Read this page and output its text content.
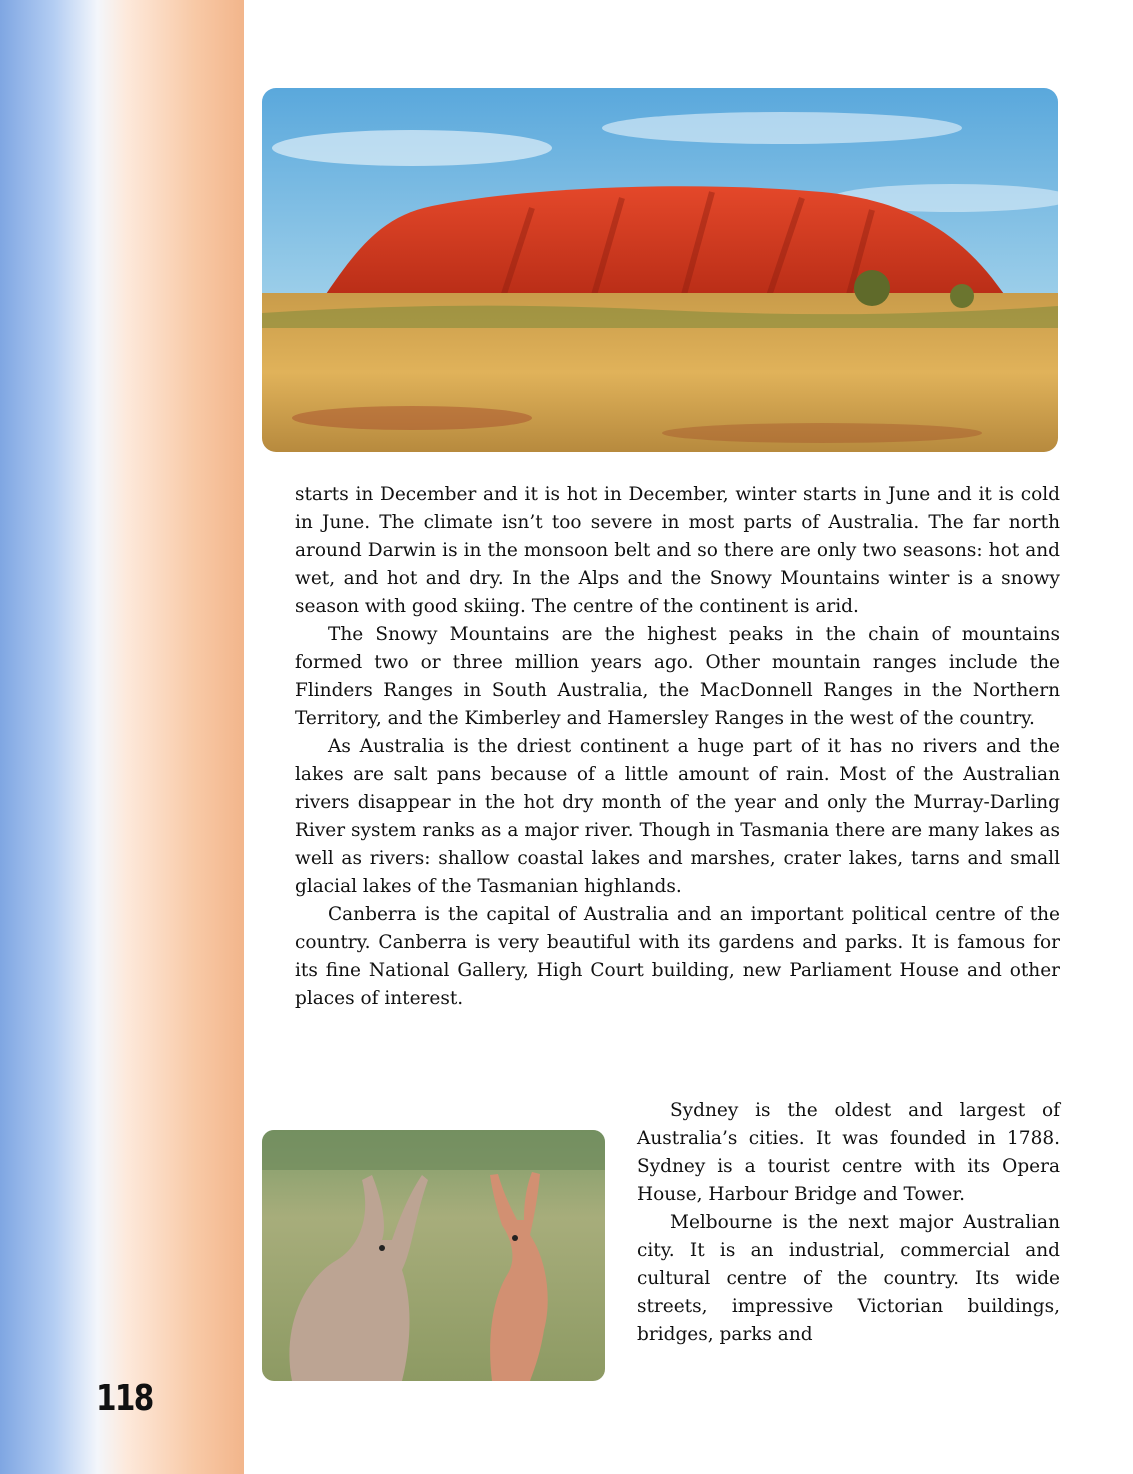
118

starts in December and it is hot in December, winter starts in June and it is cold in June. The climate isn’t too severe in most parts of Australia. The far north around Darwin is in the monsoon belt and so there are only two seasons: hot and wet, and hot and dry. In the Alps and the Snowy Mountains winter is a snowy season with good skiing. The centre of the continent is arid.

The Snowy Mountains are the highest peaks in the chain of mountains formed two or three million years ago. Other mountain ranges include the Flinders Ranges in South Australia, the MacDonnell Ranges in the Northern Territory, and the Kimberley and Hamersley Ranges in the west of the country.

As Australia is the driest continent a huge part of it has no rivers and the lakes are salt pans because of a little amount of rain. Most of the Australian rivers disappear in the hot dry month of the year and only the Murray-Darling River system ranks as a major river. Though in Tasmania there are many lakes as well as rivers: shallow coastal lakes and marshes, crater lakes, tarns and small glacial lakes of the Tasmanian highlands.

Canberra is the capital of Australia and an important political centre of the country. Canberra is very beautiful with its gardens and parks. It is famous for its fine National Gallery, High Court building, new Parliament House and other places of interest.

Sydney is the oldest and largest of Australia’s cities. It was founded in 1788. Sydney is a tourist centre with its Opera House, Harbour Bridge and Tower.

Melbourne is the next major Australian city. It is an industrial, commercial and cultural centre of the country. Its wide streets, impressive Victorian buildings, bridges, parks and
